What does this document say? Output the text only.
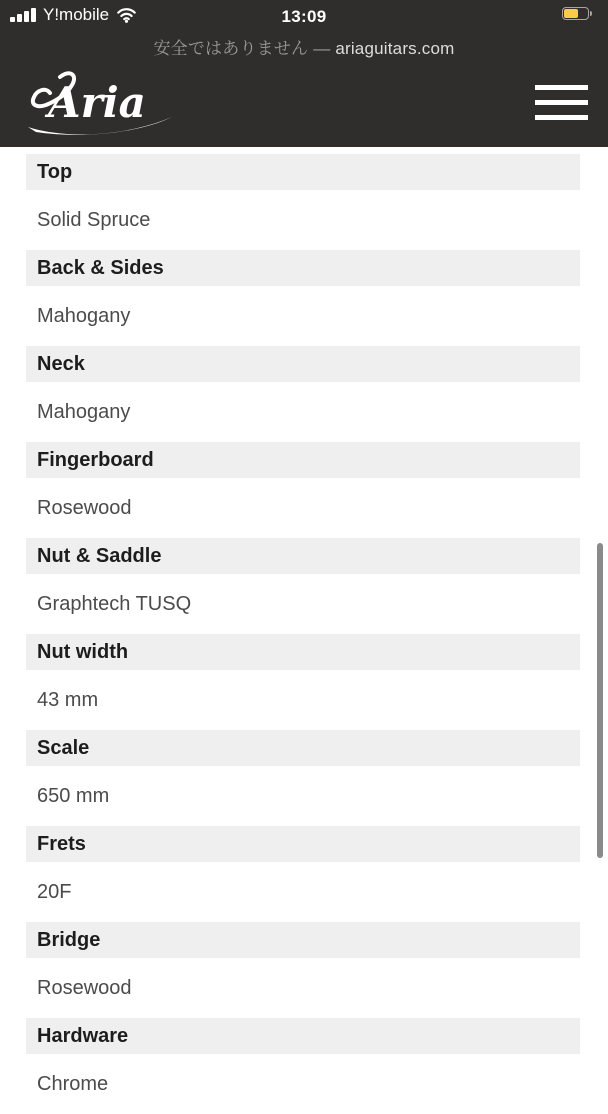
Y!mobile	13:09
安全ではありません — ariaguitars.com
Aria
Top
Solid Spruce
Back & Sides
Mahogany
Neck
Mahogany
Fingerboard
Rosewood
Nut & Saddle
Graphtech TUSQ
Nut width
43 mm
Scale
650 mm
Frets
20F
Bridge
Rosewood
Hardware
Chrome
